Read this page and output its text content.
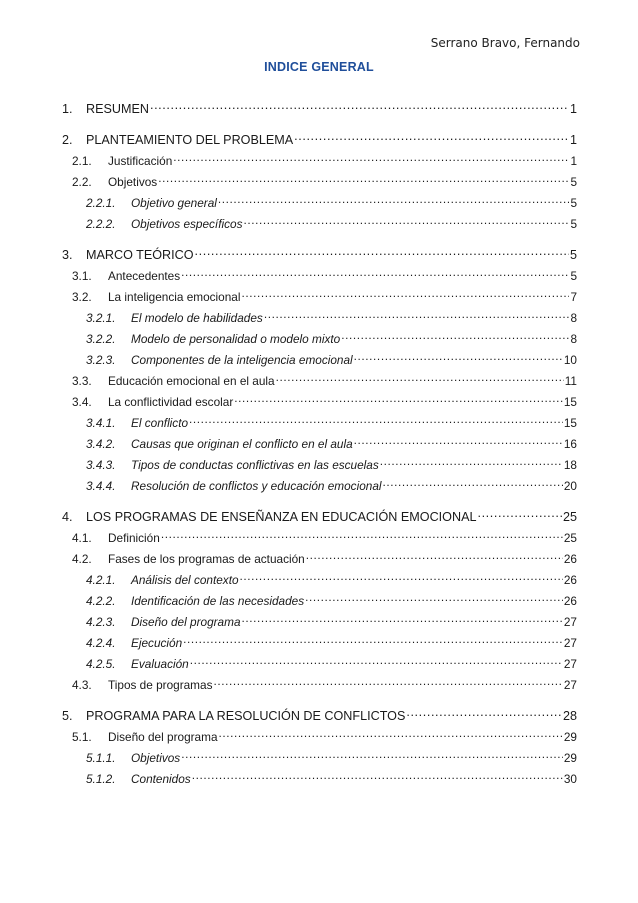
Serrano Bravo, Fernando
INDICE GENERAL
1.	RESUMEN .....	1
2.	PLANTEAMIENTO DEL PROBLEMA .....	1
2.1.	Justificación .....	1
2.2.	Objetivos .....	5
2.2.1.	Objetivo general .....	5
2.2.2.	Objetivos específicos .....	5
3.	MARCO TEÓRICO .....	5
3.1.	Antecedentes .....	5
3.2.	La inteligencia emocional .....	7
3.2.1.	El modelo de habilidades .....	8
3.2.2.	Modelo de personalidad o modelo mixto .....	8
3.2.3.	Componentes de la inteligencia emocional .....	10
3.3.	Educación emocional en el aula .....	11
3.4.	La conflictividad escolar .....	15
3.4.1.	El conflicto .....	15
3.4.2.	Causas que originan el conflicto en el aula .....	16
3.4.3.	Tipos de conductas conflictivas en las escuelas .....	18
3.4.4.	Resolución de conflictos y educación emocional .....	20
4.	LOS PROGRAMAS DE ENSEÑANZA EN EDUCACIÓN EMOCIONAL .....	25
4.1.	Definición .....	25
4.2.	Fases de los programas de actuación .....	26
4.2.1.	Análisis del contexto .....	26
4.2.2.	Identificación de las necesidades .....	26
4.2.3.	Diseño del programa .....	27
4.2.4.	Ejecución .....	27
4.2.5.	Evaluación .....	27
4.3.	Tipos de programas .....	27
5.	PROGRAMA PARA LA RESOLUCIÓN DE CONFLICTOS .....	28
5.1.	Diseño del programa .....	29
5.1.1.	Objetivos .....	29
5.1.2.	Contenidos .....	30
